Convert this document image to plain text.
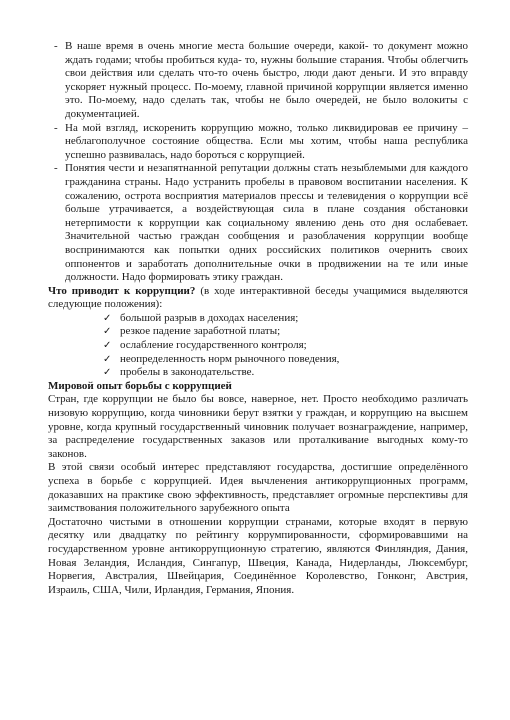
- В наше время в очень многие места большие очереди, какой- то документ можно ждать годами; чтобы пробиться куда- то, нужны большие старания. Чтобы облегчить свои действия или сделать что-то очень быстро, люди дают деньги. И это вправду ускоряет нужный процесс. По-моему, главной причиной коррупции является именно это. По-моему, надо сделать так, чтобы не было очередей, не было волокиты с документацией.
- На мой взгляд, искоренить коррупцию можно, только ликвидировав ее причину – неблагополучное состояние общества. Если мы хотим, чтобы наша республика успешно развивалась, надо бороться с коррупцией.
- Понятия чести и незапятнанной репутации должны стать незыблемыми для каждого гражданина страны. Надо устранить пробелы в правовом воспитании населения. К сожалению, острота восприятия материалов прессы и телевидения о коррупции всё больше утрачивается, а воздействующая сила в плане создания обстановки нетерпимости к коррупции как социальному явлению день ото дня ослабевает. Значительной частью граждан сообщения и разоблачения коррупции вообще воспринимаются как попытки одних российских политиков очернить своих оппонентов и заработать дополнительные очки в продвижении на те или иные должности. Надо формировать этику граждан.

Что приводит к коррупции? (в ходе интерактивной беседы учащимися выделяются следующие положения):

✓ большой разрыв в доходах населения;
✓ резкое падение заработной платы;
✓ ослабление государственного контроля;
✓ неопределенность норм рыночного поведения,
✓ пробелы в законодательстве.

Мировой опыт борьбы с коррупцией

Стран, где коррупции не было бы вовсе, наверное, нет. Просто необходимо различать низовую коррупцию, когда чиновники берут взятки у граждан, и коррупцию на высшем уровне, когда крупный государственный чиновник получает вознаграждение, например, за распределение государственных заказов или проталкивание выгодных кому-то законов.

В этой связи особый интерес представляют государства, достигшие определённого успеха в борьбе с коррупцией. Идея вычленения антикоррупционных программ, доказавших на практике свою эффективность, представляет огромные перспективы для заимствования положительного зарубежного опыта

Достаточно чистыми в отношении коррупции странами, которые входят в первую десятку или двадцатку по рейтингу коррумпированности, сформировавшими на государственном уровне антикоррупционную стратегию, являются Финляндия, Дания, Новая Зеландия, Исландия, Сингапур, Швеция, Канада, Нидерланды, Люксембург, Норвегия, Австралия, Швейцария, Соединённое Королевство, Гонконг, Австрия, Израиль, США, Чили, Ирландия, Германия, Япония.
